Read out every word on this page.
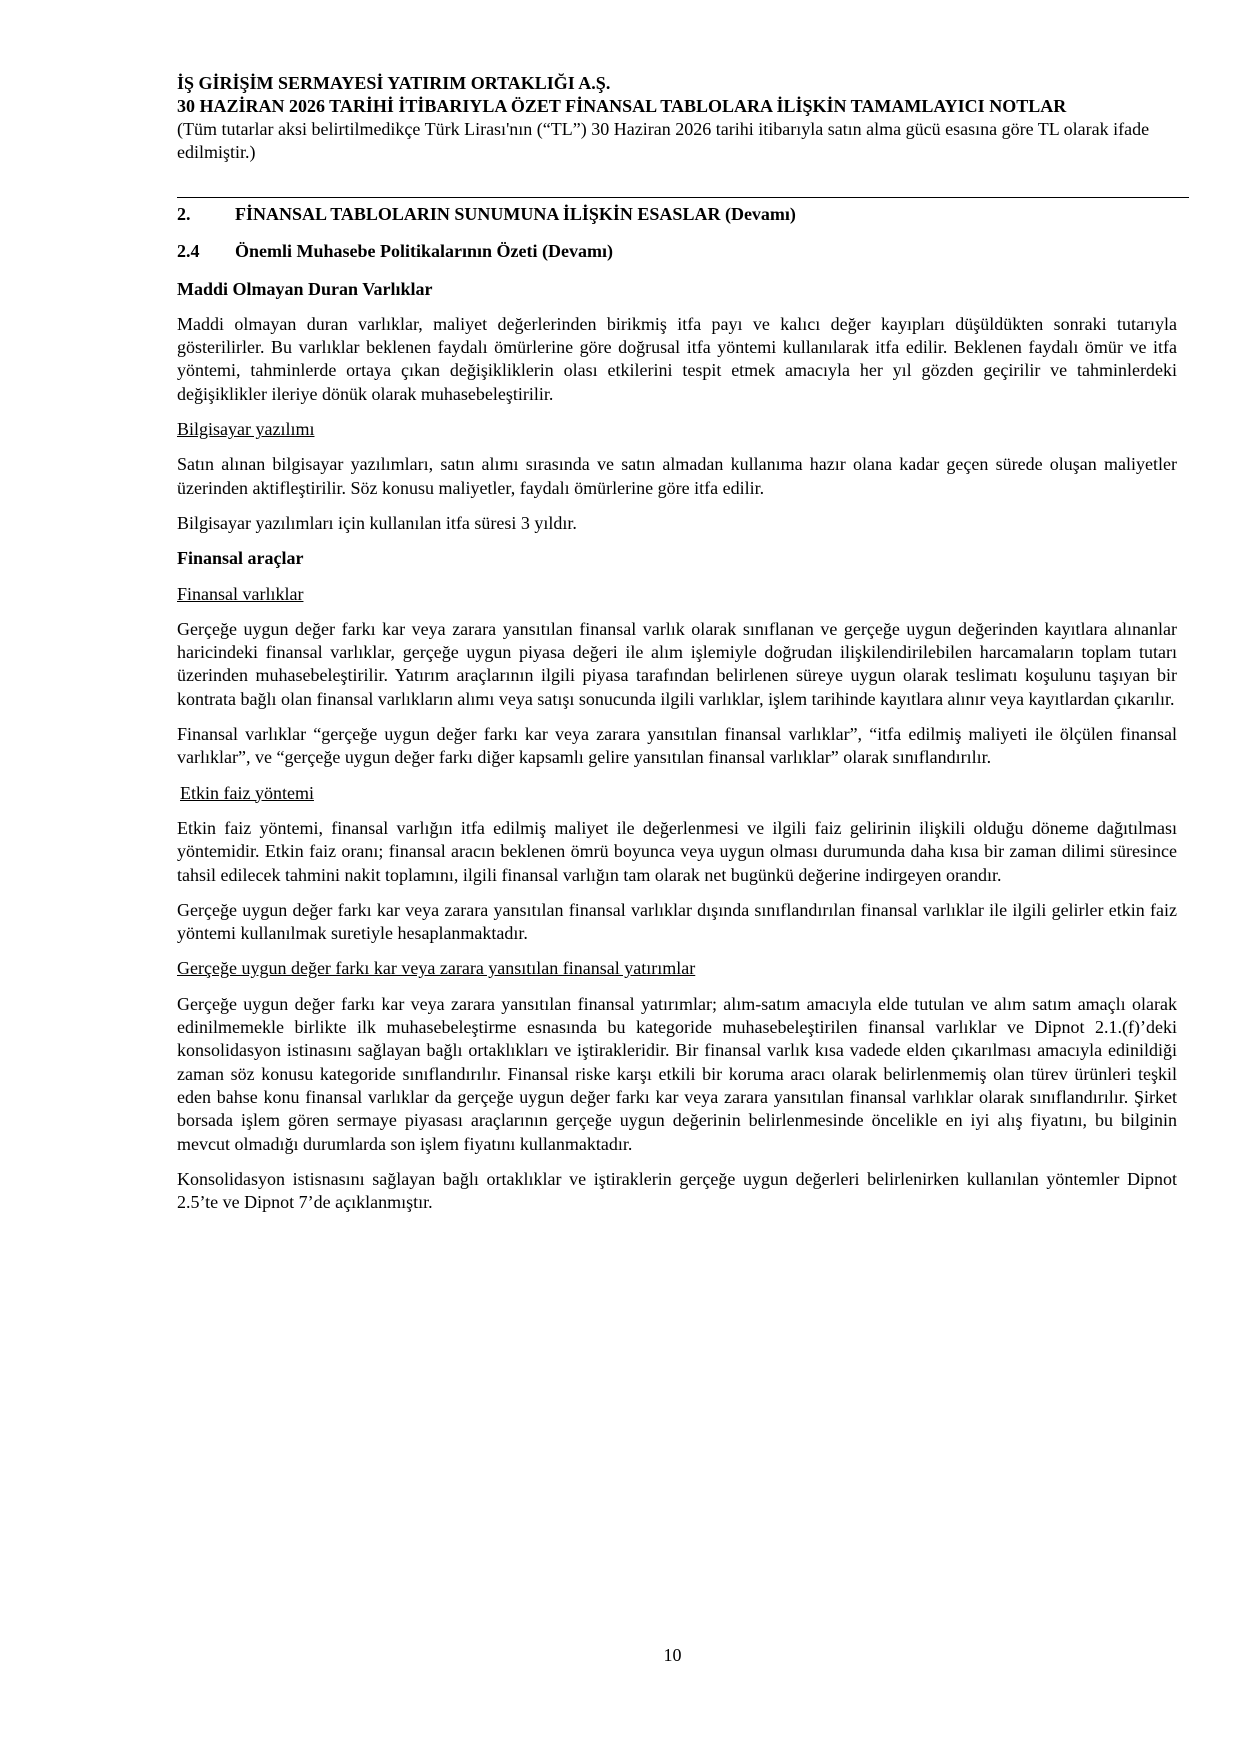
İŞ GİRİŞİM SERMAYESİ YATIRIM ORTAKLIĞI A.Ş.
30 HAZİRAN 2026 TARİHİ İTİBARIYLA ÖZET FİNANSAL TABLOLARA İLİŞKİN TAMAMLAYICI NOTLAR
(Tüm tutarlar aksi belirtilmedikçe Türk Lirası'nın (“TL”) 30 Haziran 2026 tarihi itibarıyla satın alma gücü esasına göre TL olarak ifade edilmiştir.)
2.	FİNANSAL TABLOLARIN SUNUMUNA İLİŞKİN ESASLAR (Devamı)
2.4	Önemli Muhasebe Politikalarının Özeti (Devamı)
Maddi Olmayan Duran Varlıklar

Maddi olmayan duran varlıklar, maliyet değerlerinden birikmiş itfa payı ve kalıcı değer kayıpları düşüldükten sonraki tutarıyla gösterilirler. Bu varlıklar beklenen faydalı ömürlerine göre doğrusal itfa yöntemi kullanılarak itfa edilir. Beklenen faydalı ömür ve itfa yöntemi, tahminlerde ortaya çıkan değişikliklerin olası etkilerini tespit etmek amacıyla her yıl gözden geçirilir ve tahminlerdeki değişiklikler ileriye dönük olarak muhasebeleştirilir.

Bilgisayar yazılımı

Satın alınan bilgisayar yazılımları, satın alımı sırasında ve satın almadan kullanıma hazır olana kadar geçen sürede oluşan maliyetler üzerinden aktifleştirilir. Söz konusu maliyetler, faydalı ömürlerine göre itfa edilir.

Bilgisayar yazılımları için kullanılan itfa süresi 3 yıldır.

Finansal araçlar
Finansal varlıklar

Gerçeğe uygun değer farkı kar veya zarara yansıtılan finansal varlık olarak sınıflanan ve gerçeğe uygun değerinden kayıtlara alınanlar haricindeki finansal varlıklar, gerçeğe uygun piyasa değeri ile alım işlemiyle doğrudan ilişkilendirilebilen harcamaların toplam tutarı üzerinden muhasebeleştirilir. Yatırım araçlarının ilgili piyasa tarafından belirlenen süreye uygun olarak teslimatı koşulunu taşıyan bir kontrata bağlı olan finansal varlıkların alımı veya satışı sonucunda ilgili varlıklar, işlem tarihinde kayıtlara alınır veya kayıtlardan çıkarılır.

Finansal varlıklar “gerçeğe uygun değer farkı kar veya zarara yansıtılan finansal varlıklar”, “itfa edilmiş maliyeti ile ölçülen finansal varlıklar”, ve “gerçeğe uygun değer farkı diğer kapsamlı gelire yansıtılan finansal varlıklar” olarak sınıflandırılır.

Etkin faiz yöntemi

Etkin faiz yöntemi, finansal varlığın itfa edilmiş maliyet ile değerlenmesi ve ilgili faiz gelirinin ilişkili olduğu döneme dağıtılması yöntemidir. Etkin faiz oranı; finansal aracın beklenen ömrü boyunca veya uygun olması durumunda daha kısa bir zaman dilimi süresince tahsil edilecek tahmini nakit toplamını, ilgili finansal varlığın tam olarak net bugünkü değerine indirgeyen orandır.

Gerçeğe uygun değer farkı kar veya zarara yansıtılan finansal varlıklar dışında sınıflandırılan finansal varlıklar ile ilgili gelirler etkin faiz yöntemi kullanılmak suretiyle hesaplanmaktadır.

Gerçeğe uygun değer farkı kar veya zarara yansıtılan finansal yatırımlar

Gerçeğe uygun değer farkı kar veya zarara yansıtılan finansal yatırımlar; alım-satım amacıyla elde tutulan ve alım satım amaçlı olarak edinilmemekle birlikte ilk muhasebeleştirme esnasında bu kategoride muhasebeleştirilen finansal varlıklar ve Dipnot 2.1.(f)’deki konsolidasyon istinasını sağlayan bağlı ortaklıkları ve iştirakleridir. Bir finansal varlık kısa vadede elden çıkarılması amacıyla edinildiği zaman söz konusu kategoride sınıflandırılır. Finansal riske karşı etkili bir koruma aracı olarak belirlenmemiş olan türev ürünleri teşkil eden bahse konu finansal varlıklar da gerçeğe uygun değer farkı kar veya zarara yansıtılan finansal varlıklar olarak sınıflandırılır. Şirket borsada işlem gören sermaye piyasası araçlarının gerçeğe uygun değerinin belirlenmesinde öncelikle en iyi alış fiyatını, bu bilginin mevcut olmadığı durumlarda son işlem fiyatını kullanmaktadır.

Konsolidasyon istisnasını sağlayan bağlı ortaklıklar ve iştiraklerin gerçeğe uygun değerleri belirlenirken kullanılan yöntemler Dipnot 2.5’te ve Dipnot 7’de açıklanmıştır.

10
